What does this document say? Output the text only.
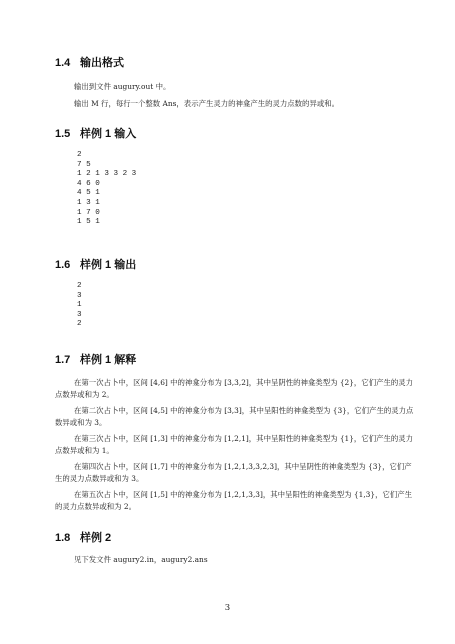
1.4 输出格式

输出到文件 augury.out 中。

输出 M 行，每行一个整数 Ans，表示产生灵力的神龛产生的灵力点数的异或和。

1.5 样例 1 输入

2

7 5

1 2 1 3 3 2 3

4 6 0

4 5 1

1 3 1

1 7 0

1 5 1

1.6 样例 1 输出

2

3

1

3

2

1.7 样例 1 解释

在第一次占卜中，区间 [4,6] 中的神龛分布为 [3,3,2]，其中呈阴性的神龛类型为 {2}，它们产生的灵力点数异或和为 2。

在第二次占卜中，区间 [4,5] 中的神龛分布为 [3,3]，其中呈阳性的神龛类型为 {3}，它们产生的灵力点数异或和为 3。

在第三次占卜中，区间 [1,3] 中的神龛分布为 [1,2,1]，其中呈阳性的神龛类型为 {1}，它们产生的灵力点数异或和为 1。

在第四次占卜中，区间 [1,7] 中的神龛分布为 [1,2,1,3,3,2,3]，其中呈阴性的神龛类型为 {3}，它们产生的灵力点数异或和为 3。

在第五次占卜中，区间 [1,5] 中的神龛分布为 [1,2,1,3,3]，其中呈阳性的神龛类型为 {1,3}，它们产生的灵力点数异或和为 2。

1.8 样例 2

见下发文件 augury2.in，augury2.ans

3
